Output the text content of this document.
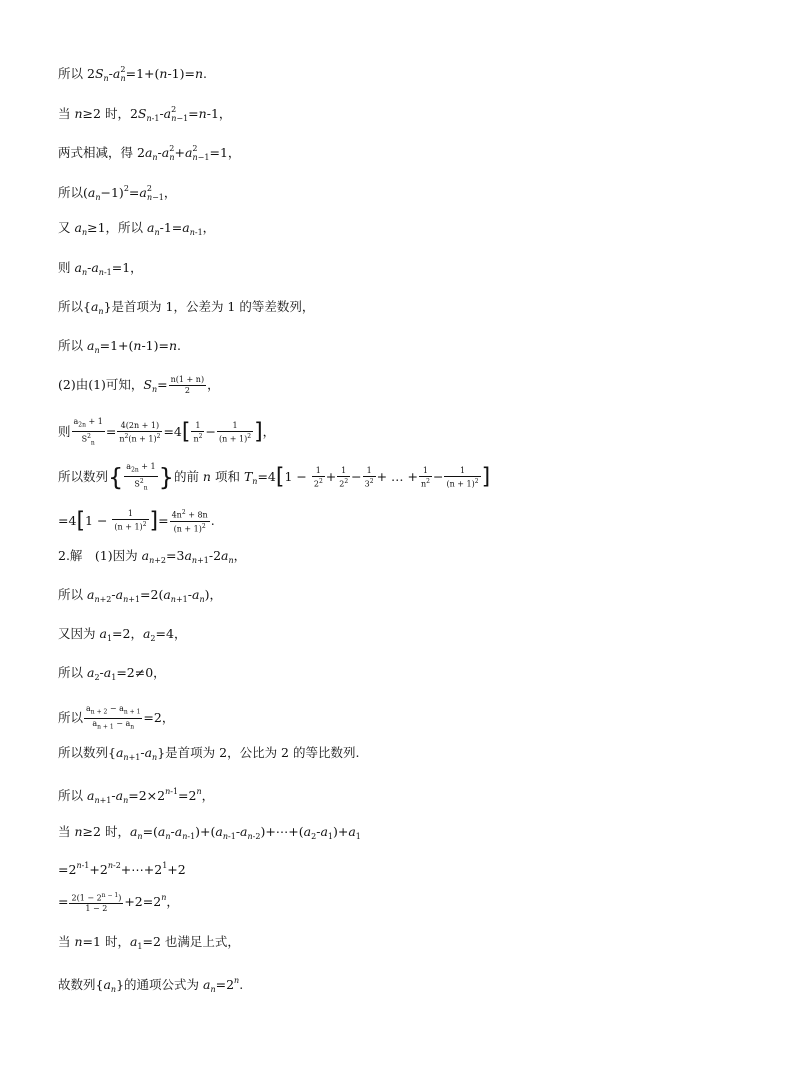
所以 $2S_n-a^2_n=1+(n-1)=n$.
当 n≥2 时，$2S_{n-1}-a^2_{n-1}=n-1$，
两式相减，得 $2a_n-a^2_n+a^2_{n-1}=1$，
所以$(a_n-1)^2=a^2_{n-1}$，
又 $a_n\ge 1$，所以 $a_n-1=a_{n-1}$，
则 $a_n-a_{n-1}=1$，
所以$\{a_n\}$是首项为 1，公差为 1 的等差数列，
所以 $a_n=1+(n-1)=n$.
(2)由(1)可知，$S_n= \frac{n(1 + n)}{2}$ ，
则 $\frac{a_{2n} + 1}{S^2_n} = \frac{4(2n + 1)}{n^2(n + 1)^2} =4[ \frac{1}{n^2} - \frac{1}{(n + 1)^2}$ ]，
所以数列{ $\frac{a_{2n} + 1}{S^2_n}$ }的前 n 项和 $T_n=4[1 - \frac{1}{2^2} + \frac{1}{2^2} - \frac{1}{3^2}$ + … + $\frac{1}{n^2} - \frac{1}{(n + 1)^2}$ ]
$=4[1 - \frac{1}{(n + 1)^2}$ ]= $\frac{4n^2 + 8n}{(n + 1)^2}$ .
2.解　(1)因为 $a_{n+2}=3a_{n+1}-2a_n$，
所以 $a_{n+2}-a_{n+1}=2(a_{n+1}-a_n)$，
又因为 $a_1=2$，$a_2=4$，
所以 $a_2-a_1=2\ne 0$，
所以 $\frac{a_{n + 2} - a_{n + 1}}{a_{n + 1} - a_n} =2$，
所以数列$\{a_{n+1}-a_n\}$是首项为 2，公比为 2 的等比数列.
所以 $a_{n+1}-a_n=2\times 2^{n-1}=2^n$，
当 n≥2 时，$a_n=(a_n-a_{n-1})+(a_{n-1}-a_{n-2})+\cdots+(a_2-a_1)+a_1$
$=2^{n-1}+2^{n-2}+\cdots+2^1+2$
= $\frac{2(1 - 2^{n - 1})}{1 - 2} +2=2^n$，
当 n=1 时，$a_1=2$ 也满足上式，
故数列$\{a_n\}$的通项公式为 $a_n=2^n$.
